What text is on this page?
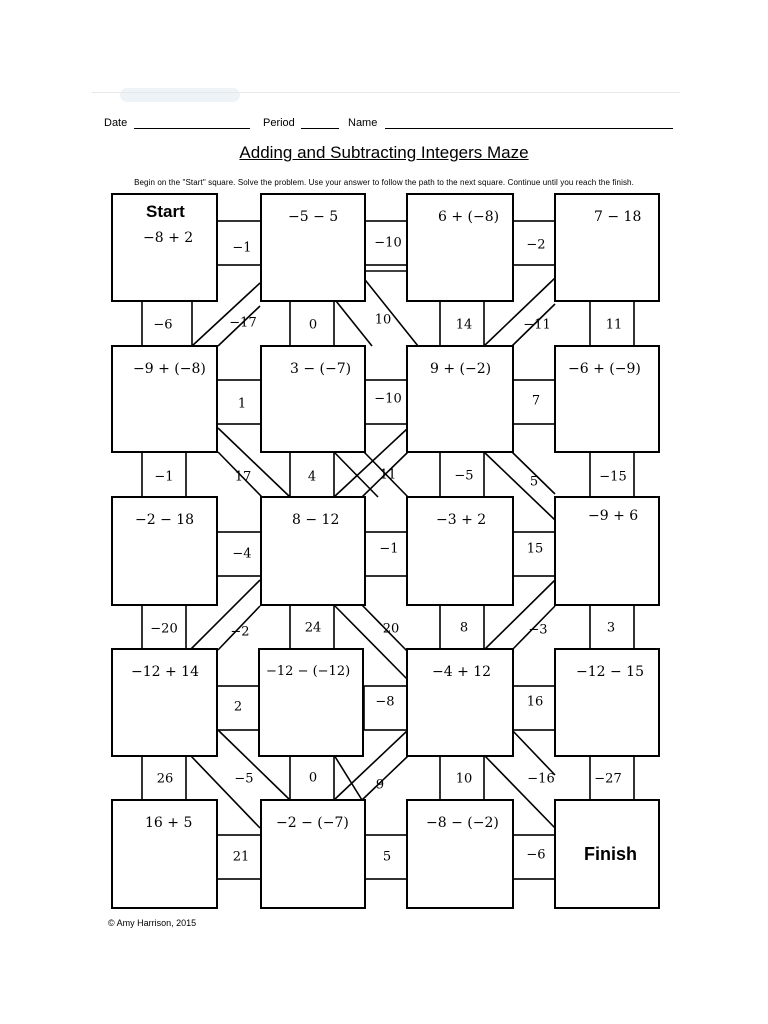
Date	Period	Name
Adding and Subtracting Integers Maze
Begin on the "Start" square. Solve the problem. Use your answer to follow the path to the next square. Continue until you reach the finish.
Start
−8 + 2
−5 − 5	6 + (−8)	7 − 18
−9 + (−8)	3 − (−7)	9 + (−2)	−6 + (−9)
−2 − 18	8 − 12	−3 + 2	−9 + 6
−12 + 14	−12 − (−12)	−4 + 12	−12 − 15
16 + 5	−2 − (−7)	−8 − (−2)
Finish
−1	−10	−2
1	−10	7
−4	−1	15
2	−8	16
21	5	−6
−6	−17	0	10	14	−11	11
−1	17	4	11	−5	5	−15
−20	−2	24	20	8	−3	3
26	−5	0	9	10	−16	−27
© Amy Harrison, 2015
